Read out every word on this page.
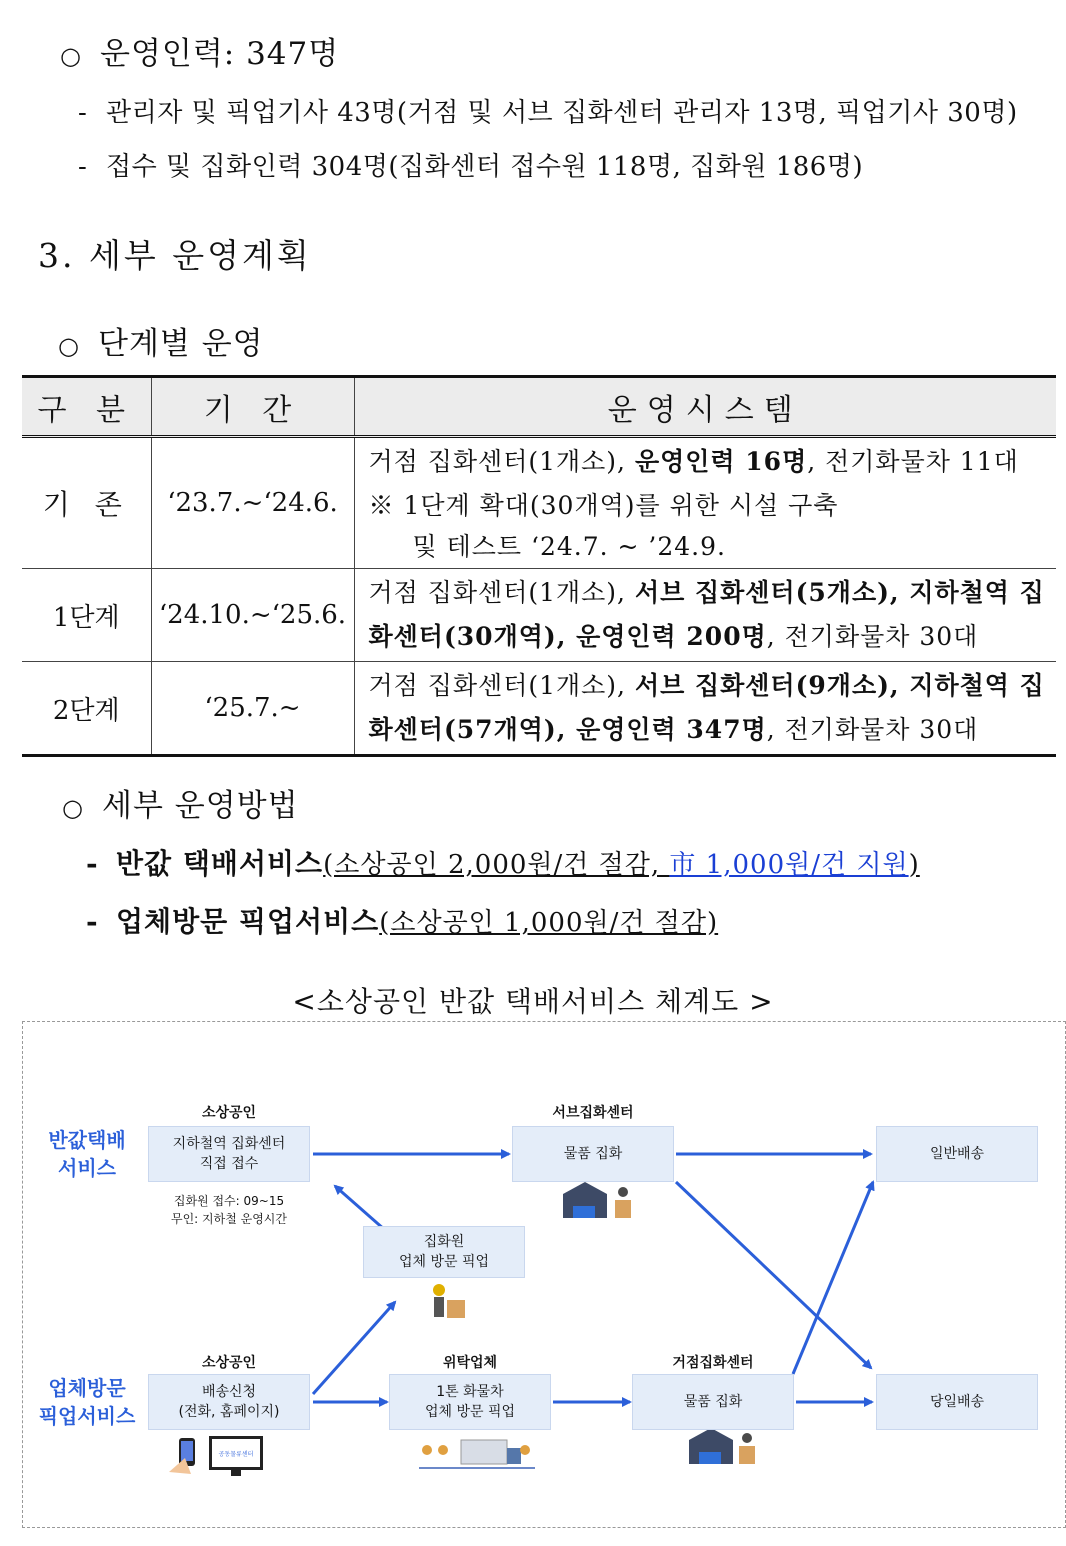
○ 운영인력: 347명
- 관리자 및 픽업기사 43명(거점 및 서브 집화센터 관리자 13명, 픽업기사 30명)
- 접수 및 집화인력 304명(집화센터 접수원 118명, 집화원 186명)
3. 세부 운영계획
○ 단계별 운영
구 분	기 간	운영시스템
기 존	‘23.7.~‘24.6.	거점 집화센터(1개소), 운영인력 16명, 전기화물차 11대
※ 1단계 확대(30개역)를 위한 시설 구축
및 테스트 ‘24.7. ~ ’24.9.

1단계	‘24.10.~‘25.6.	거점 집화센터(1개소), 서브 집화센터(5개소), 지하철역 집화센터(30개역), 운영인력 200명, 전기화물차 30대
2단계	‘25.7.~	거점 집화센터(1개소), 서브 집화센터(9개소), 지하철역 집화센터(57개역), 운영인력 347명, 전기화물차 30대
○ 세부 운영방법
- 반값 택배서비스(소상공인 2,000원/건 절감, 市 1,000원/건 지원)
- 업체방문 픽업서비스(소상공인 1,000원/건 절감)
<소상공인 반값 택배서비스 체계도 >
공동물류센터
반값택배
서비스
업체방문
픽업서비스
소상공인
지하철역 집화센터
직접 접수
집화원 접수: 09~15
무인: 지하철 운영시간
서브집화센터
물품 집화	일반배송
집화원
업체 방문 픽업
소상공인
배송신청
(전화, 홈페이지)
위탁업체
1톤 화물차
업체 방문 픽업
거점집화센터
물품 집화	당일배송
